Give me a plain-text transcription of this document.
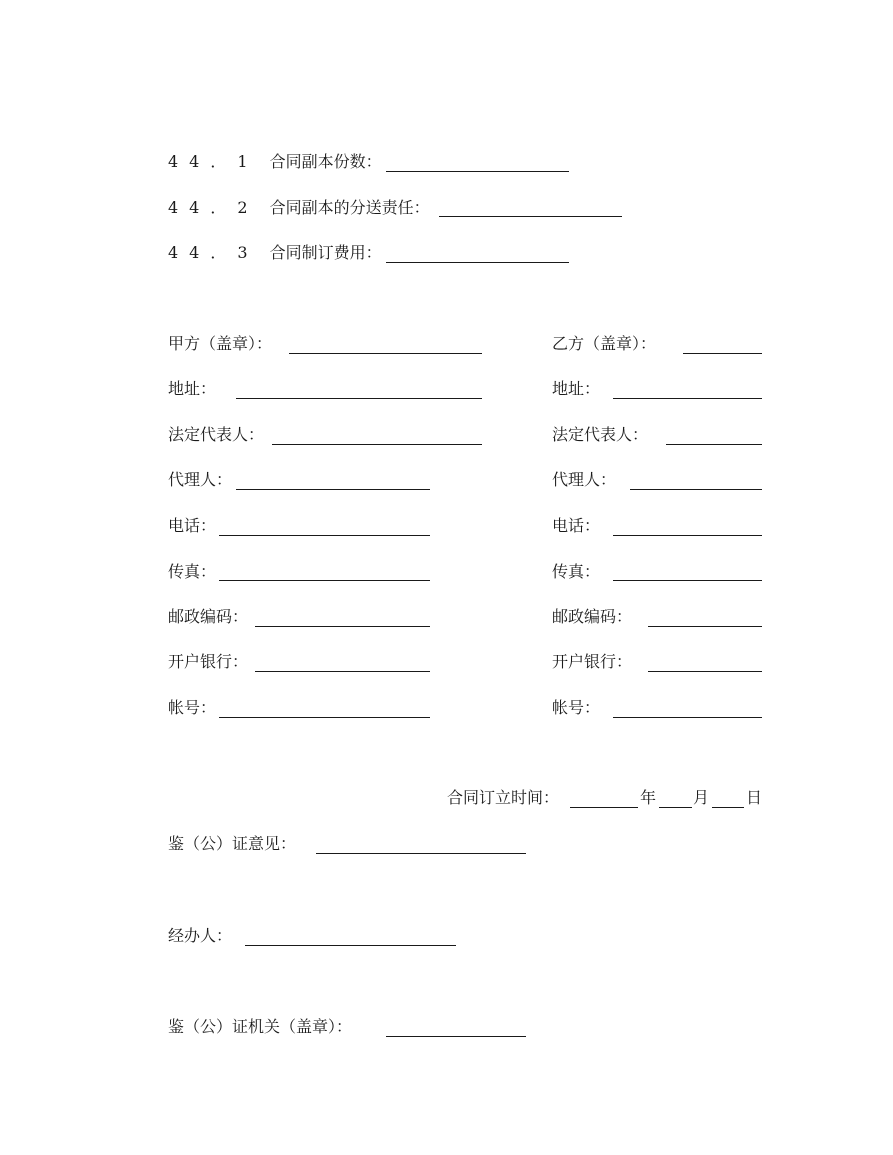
44．1 合同副本份数：
44．2 合同副本的分送责任：
44．3 合同制订费用：
甲方（盖章）：
地址：
法定代表人：
代理人：
电话：
传真：
邮政编码：
开户银行：
帐号：
乙方（盖章）：
地址：
法定代表人：
代理人：
电话：
传真：
邮政编码：
开户银行：
帐号：
合同订立时间：	年 月 日
鉴（公）证意见：
经办人：
鉴（公）证机关（盖章）：
